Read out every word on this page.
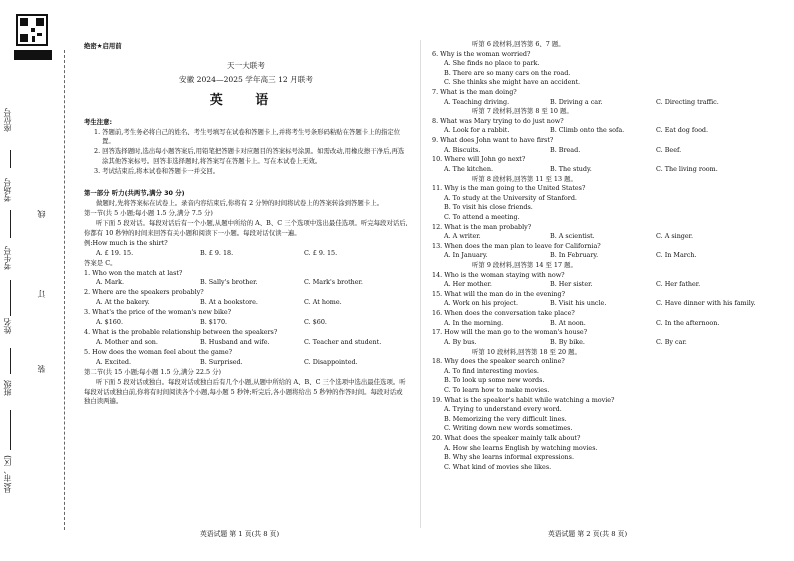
座位号
考场号
考生号
姓名
班级
县(市、区)
线
订
装
绝密★启用前
天一大联考
安徽 2024—2025 学年高三 12 月联考
英 语
考生注意:

1. 答题前,考生务必将自己的姓名、考生号填写在试卷和答题卡上,并将考生号条形码粘贴在答题卡上的指定位置。

2. 回答选择题时,选出每小题答案后,用铅笔把答题卡对应题目的答案标号涂黑。如需改动,用橡皮擦干净后,再选涂其他答案标号。回答非选择题时,将答案写在答题卡上。写在本试卷上无效。

3. 考试结束后,将本试卷和答题卡一并交回。

第一部分 听力(共两节,满分 30 分)
做题时,先将答案标在试卷上。录音内容结束后,你将有 2 分钟的时间将试卷上的答案转涂到答题卡上。
第一节(共 5 小题;每小题 1.5 分,满分 7.5 分)
听下面 5 段对话。每段对话后有一个小题,从题中所给的 A、B、C 三个选项中选出最佳选项。听完每段对话后,你都有 10 秒钟的时间来回答有关小题和阅读下一小题。每段对话仅读一遍。
例:How much is the shirt?
A. £ 19. 15.	B. £ 9. 18.	C. £ 9. 15.
答案是 C。
1. Who won the match at last?
A. Mark.	B. Sally's brother.	C. Mark's brother.
2. Where are the speakers probably?
A. At the bakery.	B. At a bookstore.	C. At home.
3. What's the price of the woman's new bike?
A. $160.	B. $170.	C. $60.
4. What is the probable relationship between the speakers?
A. Mother and son.	B. Husband and wife.	C. Teacher and student.
5. How does the woman feel about the game?
A. Excited.	B. Surprised.	C. Disappointed.
第二节(共 15 小题;每小题 1.5 分,满分 22.5 分)
听下面 5 段对话或独白。每段对话或独白后有几个小题,从题中所给的 A、B、C 三个选项中选出最佳选项。听每段对话或独白前,你将有时间阅读各个小题,每小题 5 秒钟;听完后,各小题将给出 5 秒钟的作答时间。每段对话或独白读两遍。
听第 6 段材料,回答第 6、7 题。
6. Why is the woman worried?
A. She finds no place to park.
B. There are so many cars on the road.
C. She thinks she might have an accident.
7. What is the man doing?
A. Teaching driving.	B. Driving a car.	C. Directing traffic.
听第 7 段材料,回答第 8 至 10 题。
8. What was Mary trying to do just now?
A. Look for a rabbit.	B. Climb onto the sofa.	C. Eat dog food.
9. What does John want to have first?
A. Biscuits.	B. Bread.	C. Beef.
10. Where will John go next?
A. The kitchen.	B. The study.	C. The living room.
听第 8 段材料,回答第 11 至 13 题。
11. Why is the man going to the United States?
A. To study at the University of Stanford.
B. To visit his close friends.
C. To attend a meeting.
12. What is the man probably?
A. A writer.	B. A scientist.	C. A singer.
13. When does the man plan to leave for California?
A. In January.	B. In February.	C. In March.
听第 9 段材料,回答第 14 至 17 题。
14. Who is the woman staying with now?
A. Her mother.	B. Her sister.	C. Her father.
15. What will the man do in the evening?
A. Work on his project.	B. Visit his uncle.	C. Have dinner with his family.
16. When does the conversation take place?
A. In the morning.	B. At noon.	C. In the afternoon.
17. How will the man go to the woman's house?
A. By bus.	B. By bike.	C. By car.
听第 10 段材料,回答第 18 至 20 题。
18. Why does the speaker search online?
A. To find interesting movies.
B. To look up some new words.
C. To learn how to make movies.
19. What is the speaker's habit while watching a movie?
A. Trying to understand every word.
B. Memorizing the very difficult lines.
C. Writing down new words sometimes.
20. What does the speaker mainly talk about?
A. How she learns English by watching movies.
B. Why she learns informal expressions.
C. What kind of movies she likes.
英语试题 第 1 页(共 8 页)	英语试题 第 2 页(共 8 页)
